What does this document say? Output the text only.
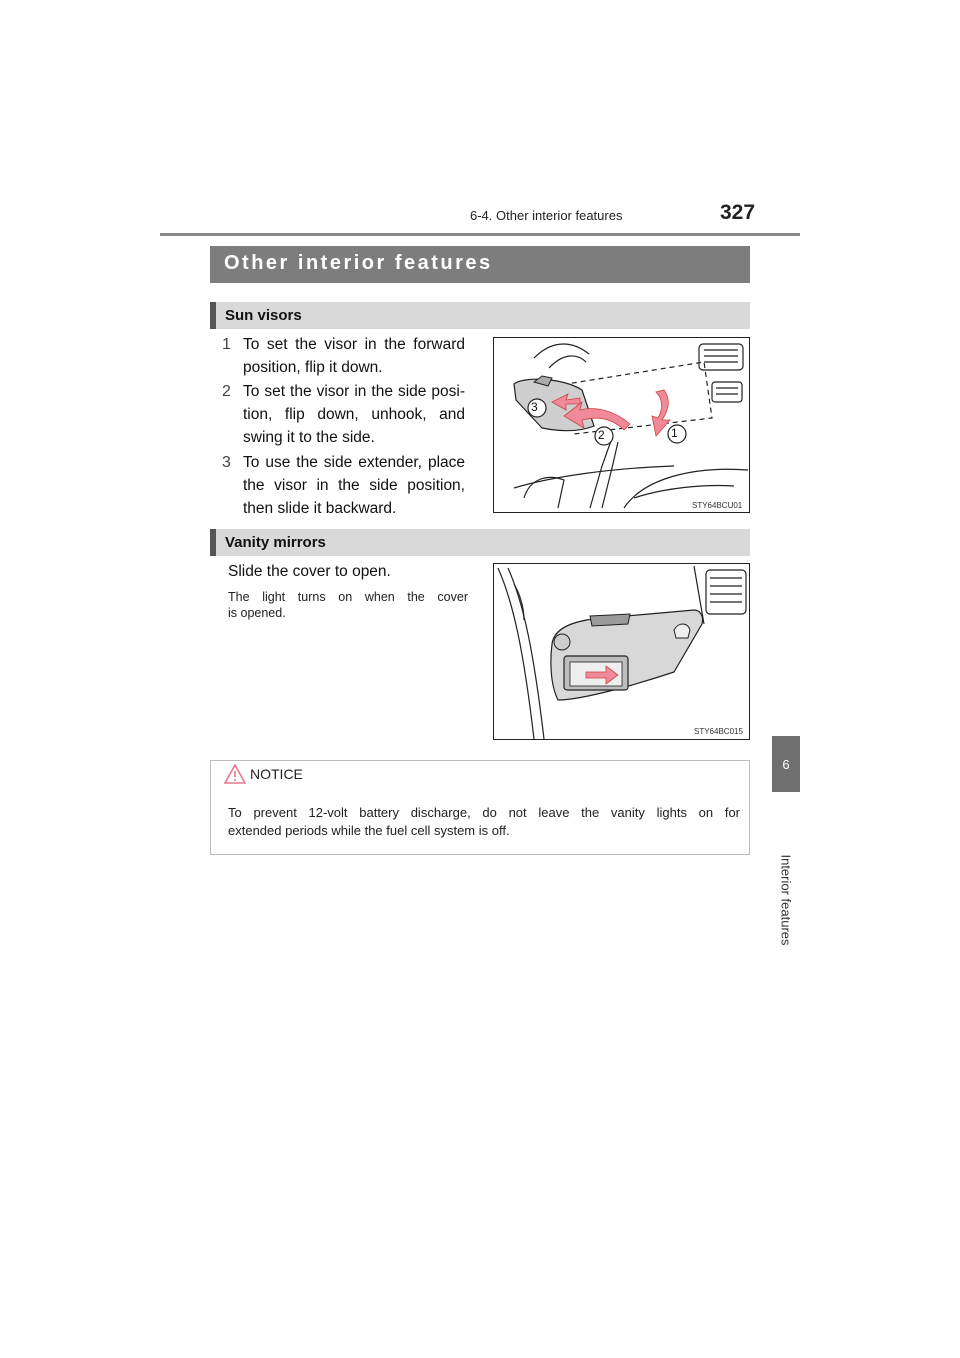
6-4. Other interior features	327
6
Interior features
Other interior features
Sun visors
1 To set the visor in the forward
position, flip it down.
2 To set the visor in the side posi-
tion, flip down, unhook, and
swing it to the side.
3 To use the side extender, place
the visor in the side position,
then slide it backward.
1
2
3
STY64BCU01
Vanity mirrors
Slide the cover to open.
The light turns on when the cover
is opened.
STY64BC015
NOTICE
To prevent 12-volt battery discharge, do not leave the vanity lights on for
extended periods while the fuel cell system is off.
